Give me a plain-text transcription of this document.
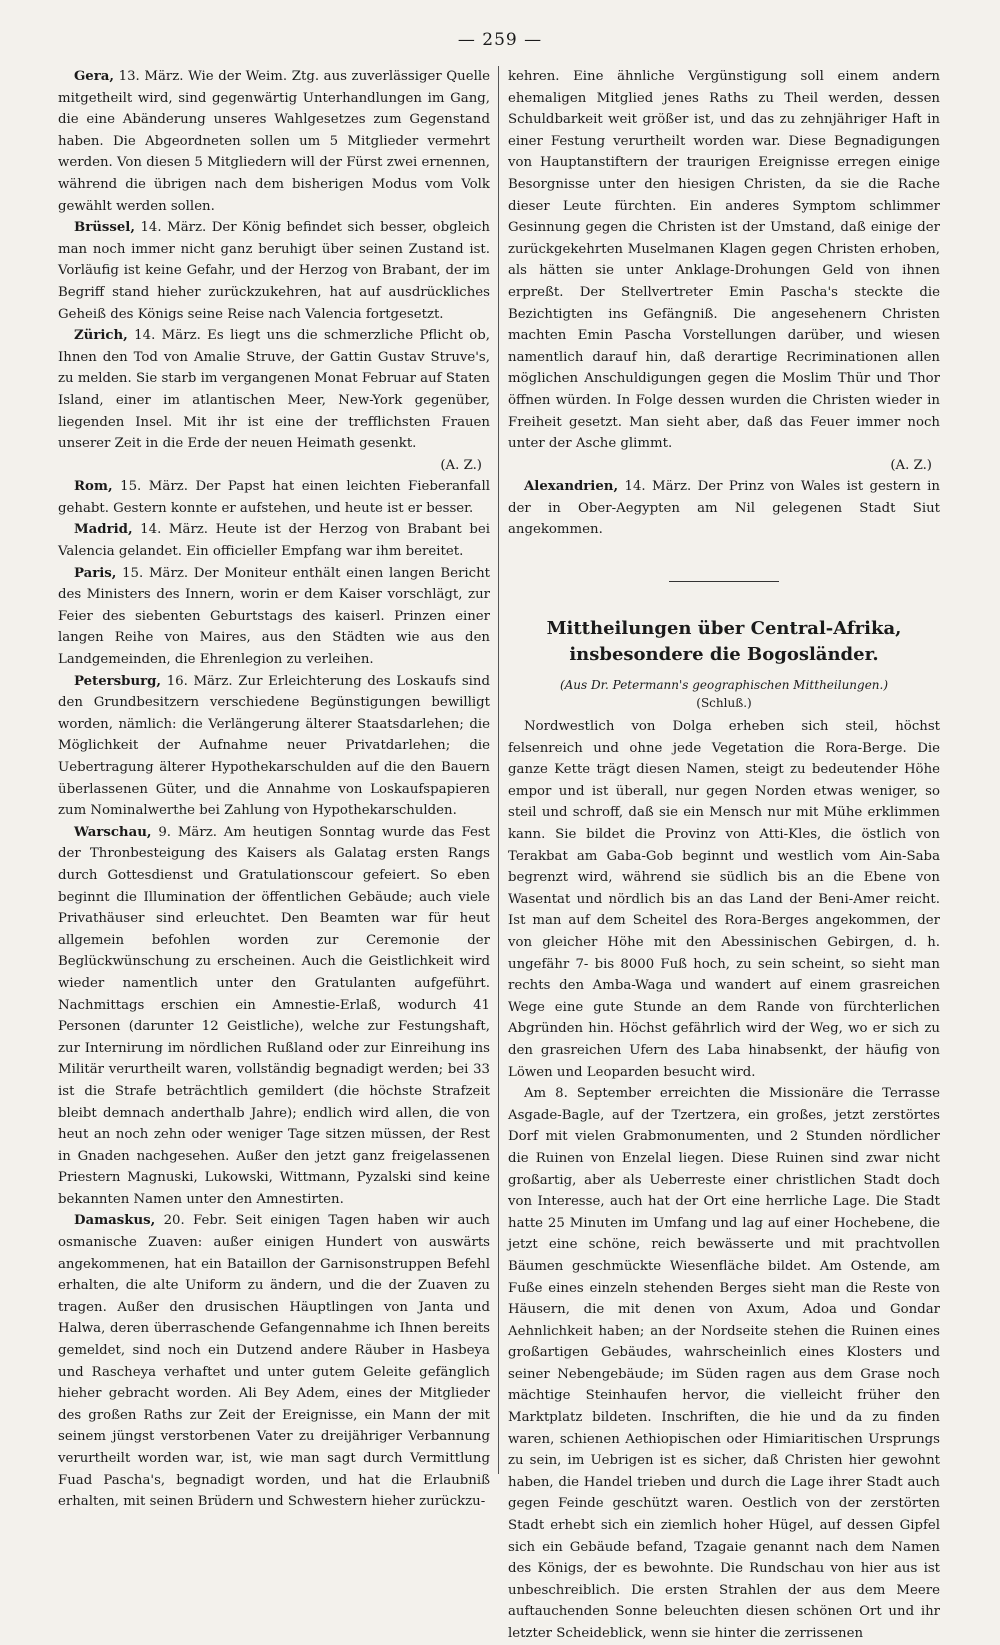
— 259 —

Gera, 13. März. Wie der Weim. Ztg. aus zuverlässiger Quelle mitgetheilt wird, sind gegenwärtig Unterhandlungen im Gang, die eine Abänderung unseres Wahlgesetzes zum Gegenstand haben. Die Abgeordneten sollen um 5 Mitglieder vermehrt werden. Von diesen 5 Mitgliedern will der Fürst zwei ernennen, während die übrigen nach dem bisherigen Modus vom Volk gewählt werden sollen.

Brüssel, 14. März. Der König befindet sich besser, obgleich man noch immer nicht ganz beruhigt über seinen Zustand ist. Vorläufig ist keine Gefahr, und der Herzog von Brabant, der im Begriff stand hieher zurückzukehren, hat auf ausdrückliches Geheiß des Königs seine Reise nach Valencia fortgesetzt.

Zürich, 14. März. Es liegt uns die schmerzliche Pflicht ob, Ihnen den Tod von Amalie Struve, der Gattin Gustav Struve's, zu melden. Sie starb im vergangenen Monat Februar auf Staten Island, einer im atlantischen Meer, New-York gegenüber, liegenden Insel. Mit ihr ist eine der trefflichsten Frauen unserer Zeit in die Erde der neuen Heimath gesenkt.
(A. Z.)

Rom, 15. März. Der Papst hat einen leichten Fieberanfall gehabt. Gestern konnte er aufstehen, und heute ist er besser.

Madrid, 14. März. Heute ist der Herzog von Brabant bei Valencia gelandet. Ein officieller Empfang war ihm bereitet.

Paris, 15. März. Der Moniteur enthält einen langen Bericht des Ministers des Innern, worin er dem Kaiser vorschlägt, zur Feier des siebenten Geburtstags des kaiserl. Prinzen einer langen Reihe von Maires, aus den Städten wie aus den Landgemeinden, die Ehrenlegion zu verleihen.

Petersburg, 16. März. Zur Erleichterung des Loskaufs sind den Grundbesitzern verschiedene Begünstigungen bewilligt worden, nämlich: die Verlängerung älterer Staatsdarlehen; die Möglichkeit der Aufnahme neuer Privatdarlehen; die Uebertragung älterer Hypothekarschulden auf die den Bauern überlassenen Güter, und die Annahme von Loskaufspapieren zum Nominalwerthe bei Zahlung von Hypothekarschulden.

Warschau, 9. März. Am heutigen Sonntag wurde das Fest der Thronbesteigung des Kaisers als Galatag ersten Rangs durch Gottesdienst und Gratulationscour gefeiert. So eben beginnt die Illumination der öffentlichen Gebäude; auch viele Privathäuser sind erleuchtet. Den Beamten war für heut allgemein befohlen worden zur Ceremonie der Beglückwünschung zu erscheinen. Auch die Geistlichkeit wird wieder namentlich unter den Gratulanten aufgeführt. Nachmittags erschien ein Amnestie-Erlaß, wodurch 41 Personen (darunter 12 Geistliche), welche zur Festungshaft, zur Internirung im nördlichen Rußland oder zur Einreihung ins Militär verurtheilt waren, vollständig begnadigt werden; bei 33 ist die Strafe beträchtlich gemildert (die höchste Strafzeit bleibt demnach anderthalb Jahre); endlich wird allen, die von heut an noch zehn oder weniger Tage sitzen müssen, der Rest in Gnaden nachgesehen. Außer den jetzt ganz freigelassenen Priestern Magnuski, Lukowski, Wittmann, Pyzalski sind keine bekannten Namen unter den Amnestirten.

Damaskus, 20. Febr. Seit einigen Tagen haben wir auch osmanische Zuaven: außer einigen Hundert von auswärts angekommenen, hat ein Bataillon der Garnisonstruppen Befehl erhalten, die alte Uniform zu ändern, und die der Zuaven zu tragen. Außer den drusischen Häuptlingen von Janta und Halwa, deren überraschende Gefangennahme ich Ihnen bereits gemeldet, sind noch ein Dutzend andere Räuber in Hasbeya und Rascheya verhaftet und unter gutem Geleite gefänglich hieher gebracht worden. Ali Bey Adem, eines der Mitglieder des großen Raths zur Zeit der Ereignisse, ein Mann der mit seinem jüngst verstorbenen Vater zu dreijähriger Verbannung verurtheilt worden war, ist, wie man sagt durch Vermittlung Fuad Pascha's, begnadigt worden, und hat die Erlaubniß erhalten, mit seinen Brüdern und Schwestern hieher zurückzu-

kehren. Eine ähnliche Vergünstigung soll einem andern ehemaligen Mitglied jenes Raths zu Theil werden, dessen Schuldbarkeit weit größer ist, und das zu zehnjähriger Haft in einer Festung verurtheilt worden war. Diese Begnadigungen von Hauptanstiftern der traurigen Ereignisse erregen einige Besorgnisse unter den hiesigen Christen, da sie die Rache dieser Leute fürchten. Ein anderes Symptom schlimmer Gesinnung gegen die Christen ist der Umstand, daß einige der zurückgekehrten Muselmanen Klagen gegen Christen erhoben, als hätten sie unter Anklage-Drohungen Geld von ihnen erpreßt. Der Stellvertreter Emin Pascha's steckte die Bezichtigten ins Gefängniß. Die angesehenern Christen machten Emin Pascha Vorstellungen darüber, und wiesen namentlich darauf hin, daß derartige Recriminationen allen möglichen Anschuldigungen gegen die Moslim Thür und Thor öffnen würden. In Folge dessen wurden die Christen wieder in Freiheit gesetzt. Man sieht aber, daß das Feuer immer noch unter der Asche glimmt.
(A. Z.)

Alexandrien, 14. März. Der Prinz von Wales ist gestern in der in Ober-Aegypten am Nil gelegenen Stadt Siut angekommen.

Mittheilungen über Central-Afrika, insbesondere die Bogosländer.
(Aus Dr. Petermann's geographischen Mittheilungen.)
(Schluß.)

Nordwestlich von Dolga erheben sich steil, höchst felsenreich und ohne jede Vegetation die Rora-Berge. Die ganze Kette trägt diesen Namen, steigt zu bedeutender Höhe empor und ist überall, nur gegen Norden etwas weniger, so steil und schroff, daß sie ein Mensch nur mit Mühe erklimmen kann. Sie bildet die Provinz von Atti-Kles, die östlich von Terakbat am Gaba-Gob beginnt und westlich vom Ain-Saba begrenzt wird, während sie südlich bis an die Ebene von Wasentat und nördlich bis an das Land der Beni-Amer reicht. Ist man auf dem Scheitel des Rora-Berges angekommen, der von gleicher Höhe mit den Abessinischen Gebirgen, d. h. ungefähr 7- bis 8000 Fuß hoch, zu sein scheint, so sieht man rechts den Amba-Waga und wandert auf einem grasreichen Wege eine gute Stunde an dem Rande von fürchterlichen Abgründen hin. Höchst gefährlich wird der Weg, wo er sich zu den grasreichen Ufern des Laba hinabsenkt, der häufig von Löwen und Leoparden besucht wird.

Am 8. September erreichten die Missionäre die Terrasse Asgade-Bagle, auf der Tzertzera, ein großes, jetzt zerstörtes Dorf mit vielen Grabmonumenten, und 2 Stunden nördlicher die Ruinen von Enzelal liegen. Diese Ruinen sind zwar nicht großartig, aber als Ueberreste einer christlichen Stadt doch von Interesse, auch hat der Ort eine herrliche Lage. Die Stadt hatte 25 Minuten im Umfang und lag auf einer Hochebene, die jetzt eine schöne, reich bewässerte und mit prachtvollen Bäumen geschmückte Wiesenfläche bildet. Am Ostende, am Fuße eines einzeln stehenden Berges sieht man die Reste von Häusern, die mit denen von Axum, Adoa und Gondar Aehnlichkeit haben; an der Nordseite stehen die Ruinen eines großartigen Gebäudes, wahrscheinlich eines Klosters und seiner Nebengebäude; im Süden ragen aus dem Grase noch mächtige Steinhaufen hervor, die vielleicht früher den Marktplatz bildeten. Inschriften, die hie und da zu finden waren, schienen Aethiopischen oder Himiaritischen Ursprungs zu sein, im Uebrigen ist es sicher, daß Christen hier gewohnt haben, die Handel trieben und durch die Lage ihrer Stadt auch gegen Feinde geschützt waren. Oestlich von der zerstörten Stadt erhebt sich ein ziemlich hoher Hügel, auf dessen Gipfel sich ein Gebäude befand, Tzagaie genannt nach dem Namen des Königs, der es bewohnte. Die Rundschau von hier aus ist unbeschreiblich. Die ersten Strahlen der aus dem Meere auftauchenden Sonne beleuchten diesen schönen Ort und ihr letzter Scheideblick, wenn sie hinter die zerrissenen
